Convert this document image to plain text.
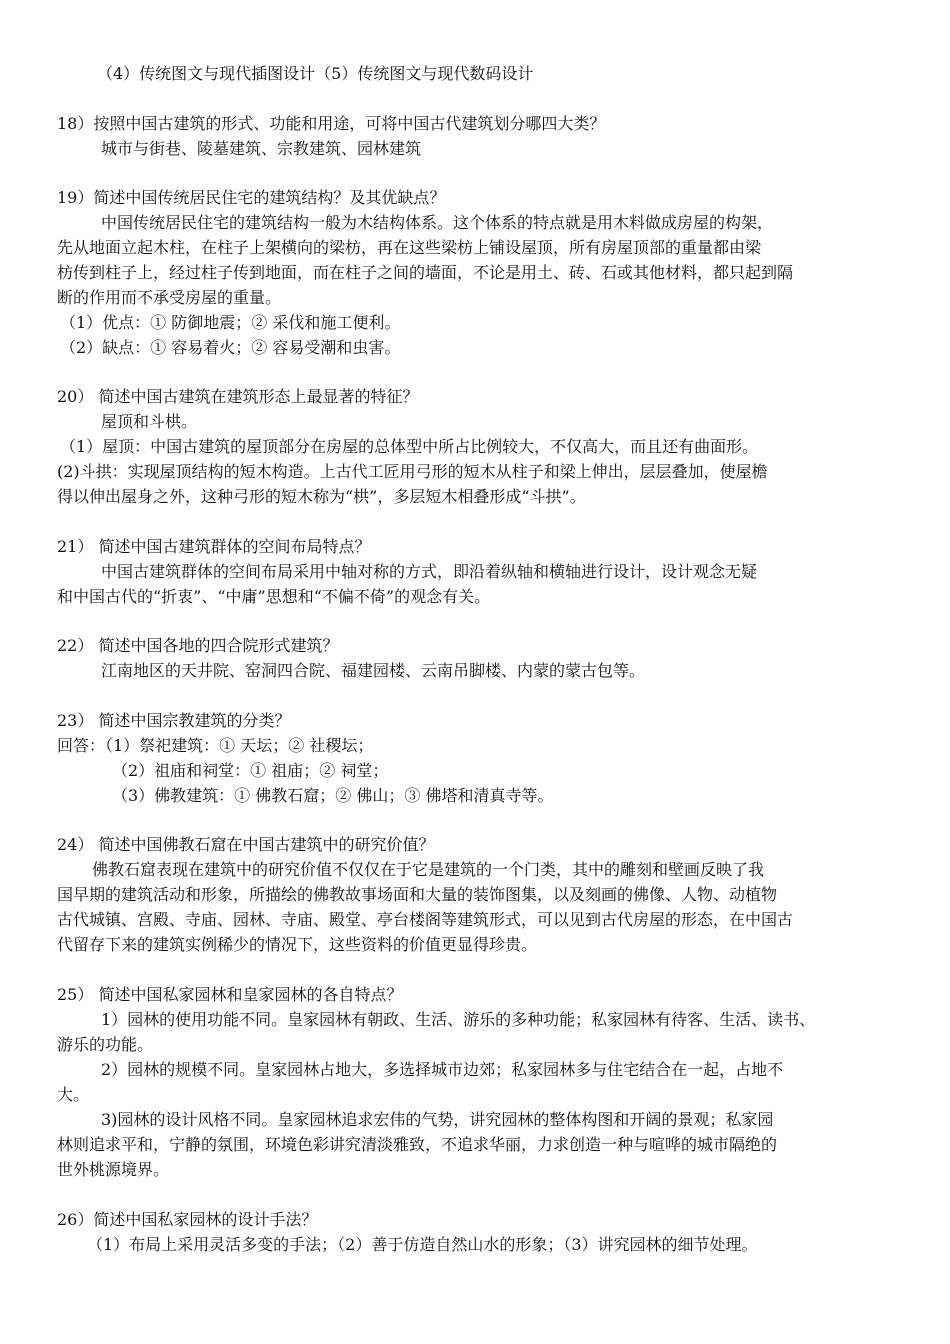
（4）传统图文与现代插图设计（5）传统图文与现代数码设计
18）按照中国古建筑的形式、功能和用途，可将中国古代建筑划分哪四大类？
城市与街巷、陵墓建筑、宗教建筑、园林建筑
19）简述中国传统居民住宅的建筑结构？及其优缺点？
中国传统居民住宅的建筑结构一般为木结构体系。这个体系的特点就是用木料做成房屋的构架，
先从地面立起木柱，在柱子上架横向的梁枋，再在这些梁枋上铺设屋顶，所有房屋顶部的重量都由梁
枋传到柱子上，经过柱子传到地面，而在柱子之间的墙面，不论是用土、砖、石或其他材料，都只起到隔
断的作用而不承受房屋的重量。
（1）优点：① 防御地震；② 采伐和施工便利。
（2）缺点：① 容易着火；② 容易受潮和虫害。
20） 简述中国古建筑在建筑形态上最显著的特征？
屋顶和斗栱。
（1）屋顶：中国古建筑的屋顶部分在房屋的总体型中所占比例较大，不仅高大，而且还有曲面形。
(2)斗拱：实现屋顶结构的短木构造。上古代工匠用弓形的短木从柱子和梁上伸出，层层叠加，使屋檐
得以伸出屋身之外，这种弓形的短木称为“栱”，多层短木相叠形成“斗拱”。
21） 简述中国古建筑群体的空间布局特点？
中国古建筑群体的空间布局采用中轴对称的方式，即沿着纵轴和横轴进行设计，设计观念无疑
和中国古代的“折衷”、“中庸”思想和“不偏不倚”的观念有关。
22） 简述中国各地的四合院形式建筑？
江南地区的天井院、窑洞四合院、福建园楼、云南吊脚楼、内蒙的蒙古包等。
23） 简述中国宗教建筑的分类？
回答：（1）祭祀建筑：① 天坛；② 社稷坛；
（2）祖庙和祠堂：① 祖庙；② 祠堂；
（3）佛教建筑：① 佛教石窟；② 佛山；③ 佛塔和清真寺等。
24） 简述中国佛教石窟在中国古建筑中的研究价值？
佛教石窟表现在建筑中的研究价值不仅仅在于它是建筑的一个门类，其中的雕刻和壁画反映了我
国早期的建筑活动和形象，所描绘的佛教故事场面和大量的装饰图集，以及刻画的佛像、人物、动植物
古代城镇、宫殿、寺庙、园林、寺庙、殿堂、亭台楼阁等建筑形式，可以见到古代房屋的形态，在中国古
代留存下来的建筑实例稀少的情况下，这些资料的价值更显得珍贵。
25） 简述中国私家园林和皇家园林的各自特点？
1）园林的使用功能不同。皇家园林有朝政、生活、游乐的多种功能；私家园林有待客、生活、读书、
游乐的功能。
2）园林的规模不同。皇家园林占地大，多选择城市边郊；私家园林多与住宅结合在一起，占地不
大。
3)园林的设计风格不同。皇家园林追求宏伟的气势，讲究园林的整体构图和开阔的景观；私家园
林则追求平和，宁静的氛围，环境色彩讲究清淡雅致，不追求华丽，力求创造一种与喧哗的城市隔绝的
世外桃源境界。
26）简述中国私家园林的设计手法？
（1）布局上采用灵活多变的手法；（2）善于仿造自然山水的形象；（3）讲究园林的细节处理。
